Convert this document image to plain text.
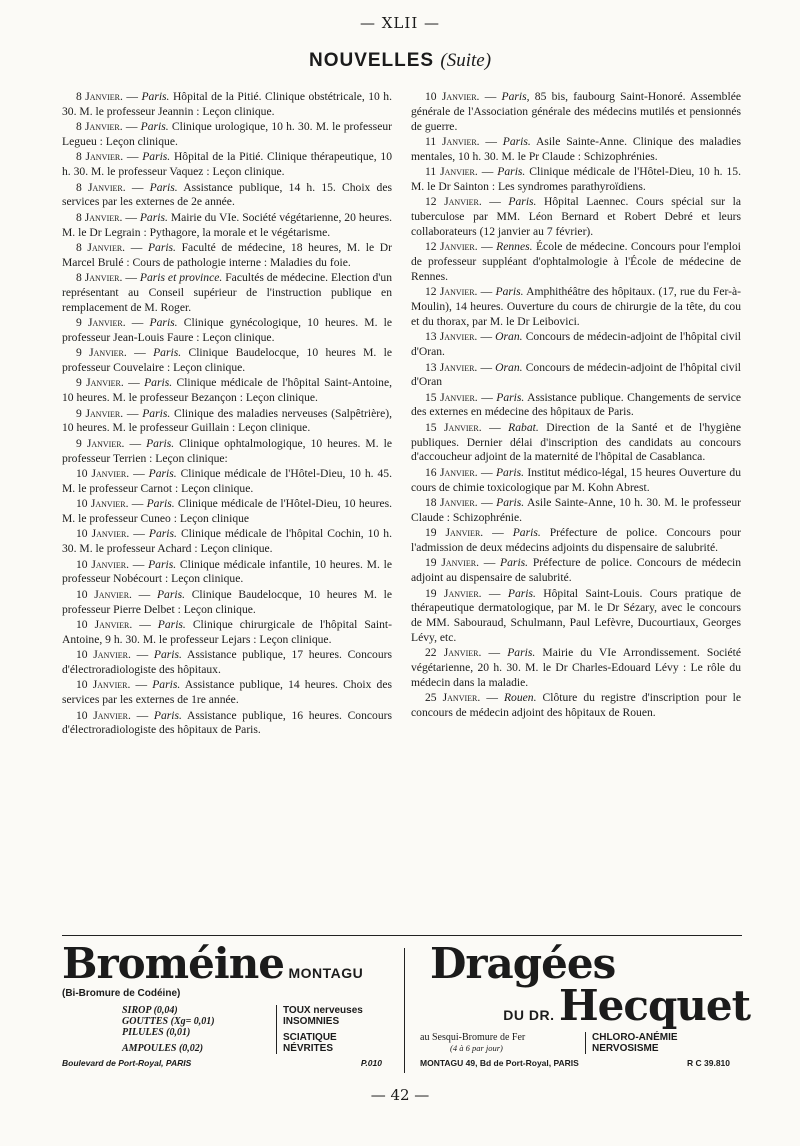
— XLII —
NOUVELLES (Suite)

8 Janvier. — Paris. Hôpital de la Pitié. Clinique obstétricale, 10 h. 30. M. le professeur Jeannin : Leçon clinique.

8 Janvier. — Paris. Clinique urologique, 10 h. 30. M. le professeur Legueu : Leçon clinique.

8 Janvier. — Paris. Hôpital de la Pitié. Clinique thérapeutique, 10 h. 30. M. le professeur Vaquez : Leçon clinique.

8 Janvier. — Paris. Assistance publique, 14 h. 15. Choix des services par les externes de 2e année.

8 Janvier. — Paris. Mairie du VIe. Société végétarienne, 20 heures. M. le Dr Legrain : Pythagore, la morale et le végétarisme.

8 Janvier. — Paris. Faculté de médecine, 18 heures, M. le Dr Marcel Brulé : Cours de pathologie interne : Maladies du foie.

8 Janvier. — Paris et province. Facultés de médecine. Election d'un représentant au Conseil supérieur de l'instruction publique en remplacement de M. Roger.

9 Janvier. — Paris. Clinique gynécologique, 10 heures. M. le professeur Jean-Louis Faure : Leçon clinique.

9 Janvier. — Paris. Clinique Baudelocque, 10 heures M. le professeur Couvelaire : Leçon clinique.

9 Janvier. — Paris. Clinique médicale de l'hôpital Saint-Antoine, 10 heures. M. le professeur Bezançon : Leçon clinique.

9 Janvier. — Paris. Clinique des maladies nerveuses (Salpêtrière), 10 heures. M. le professeur Guillain : Leçon clinique.

9 Janvier. — Paris. Clinique ophtalmologique, 10 heures. M. le professeur Terrien : Leçon clinique:

10 Janvier. — Paris. Clinique médicale de l'Hôtel-Dieu, 10 h. 45. M. le professeur Carnot : Leçon clinique.

10 Janvier. — Paris. Clinique médicale de l'Hôtel-Dieu, 10 heures. M. le professeur Cuneo : Leçon clinique

10 Janvier. — Paris. Clinique médicale de l'hôpital Cochin, 10 h. 30. M. le professeur Achard : Leçon clinique.

10 Janvier. — Paris. Clinique médicale infantile, 10 heures. M. le professeur Nobécourt : Leçon clinique.

10 Janvier. — Paris. Clinique Baudelocque, 10 heures M. le professeur Pierre Delbet : Leçon clinique.

10 Janvier. — Paris. Clinique chirurgicale de l'hôpital Saint-Antoine, 9 h. 30. M. le professeur Lejars : Leçon clinique.

10 Janvier. — Paris. Assistance publique, 17 heures. Concours d'électroradiologiste des hôpitaux.

10 Janvier. — Paris. Assistance publique, 14 heures. Choix des services par les externes de 1re année.

10 Janvier. — Paris. Assistance publique, 16 heures. Concours d'électroradiologiste des hôpitaux de Paris.

10 Janvier. — Paris, 85 bis, faubourg Saint-Honoré. Assemblée générale de l'Association générale des médecins mutilés et pensionnés de guerre.

11 Janvier. — Paris. Asile Sainte-Anne. Clinique des maladies mentales, 10 h. 30. M. le Pr Claude : Schizophrénies.

11 Janvier. — Paris. Clinique médicale de l'Hôtel-Dieu, 10 h. 15. M. le Dr Sainton : Les syndromes parathyroïdiens.

12 Janvier. — Paris. Hôpital Laennec. Cours spécial sur la tuberculose par MM. Léon Bernard et Robert Debré et leurs collaborateurs (12 janvier au 7 février).

12 Janvier. — Rennes. École de médecine. Concours pour l'emploi de professeur suppléant d'ophtalmologie à l'École de médecine de Rennes.

12 Janvier. — Paris. Amphithéâtre des hôpitaux. (17, rue du Fer-à-Moulin), 14 heures. Ouverture du cours de chirurgie de la tête, du cou et du thorax, par M. le Dr Leibovici.

13 Janvier. — Oran. Concours de médecin-adjoint de l'hôpital civil d'Oran.

13 Janvier. — Oran. Concours de médecin-adjoint de l'hôpital civil d'Oran

15 Janvier. — Paris. Assistance publique. Changements de service des externes en médecine des hôpitaux de Paris.

15 Janvier. — Rabat. Direction de la Santé et de l'hygiène publiques. Dernier délai d'inscription des candidats au concours d'accoucheur adjoint de la maternité de l'hôpital de Casablanca.

16 Janvier. — Paris. Institut médico-légal, 15 heures Ouverture du cours de chimie toxicologique par M. Kohn Abrest.

18 Janvier. — Paris. Asile Sainte-Anne, 10 h. 30. M. le professeur Claude : Schizophrénie.

19 Janvier. — Paris. Préfecture de police. Concours pour l'admission de deux médecins adjoints du dispensaire de salubrité.

19 Janvier. — Paris. Préfecture de police. Concours de médecin adjoint au dispensaire de salubrité.

19 Janvier. — Paris. Hôpital Saint-Louis. Cours pratique de thérapeutique dermatologique, par M. le Dr Sézary, avec le concours de MM. Sabouraud, Schulmann, Paul Lefèvre, Ducourtiaux, Georges Lévy, etc.

22 Janvier. — Paris. Mairie du VIe Arrondissement. Société végétarienne, 20 h. 30. M. le Dr Charles-Edouard Lévy : Le rôle du médecin dans la maladie.

25 Janvier. — Rouen. Clôture du registre d'inscription pour le concours de médecin adjoint des hôpitaux de Rouen.

Broméine MONTAGU
(Bi-Bromure de Codéine)
SIROP (0,04)
GOUTTES (Xg= 0,01)
PILULES (0,01)
AMPOULES (0,02)
TOUX nerveuses
INSOMNIES
SCIATIQUE
NÉVRITES
Boulevard de Port-Royal, PARIS	P.010
Dragées
DU DR. Hecquet
au Sesqui-Bromure de Fer
(4 à 6 par jour)
CHLORO-ANÉMIE
NERVOSISME
MONTAGU 49, Bd de Port-Royal, PARIS	R C 39.810
— 42 —
